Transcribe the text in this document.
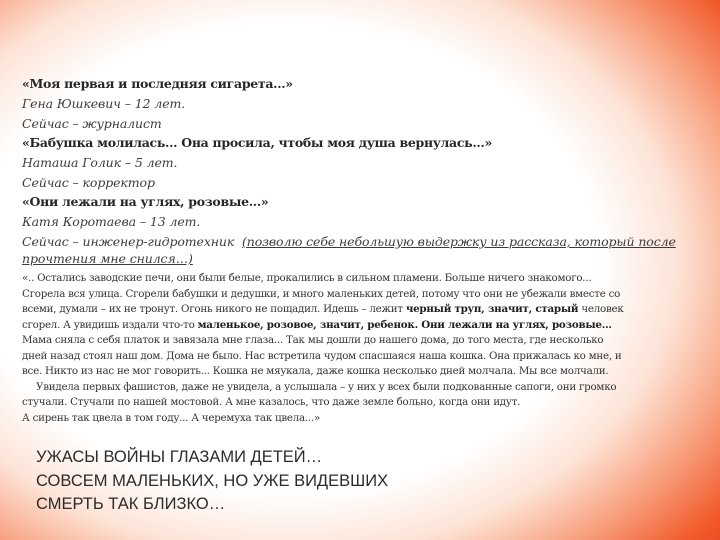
«Моя первая и последняя сигарета...»
Гена Юшкевич – 12 лет.
Сейчас – журналист
«Бабушка молилась... Она просила, чтобы моя душа вернулась...»
Наташа Голик – 5 лет.
Сейчас – корректор
«Они лежали на углях, розовые...»
Катя Коротаева – 13 лет.
Сейчас – инженер-гидротехник (позволю себе небольшую выдержку из рассказа, который после
прочтения мне снился…)
«.. Остались заводские печи, они были белые, прокалились в сильном пламени. Больше ничего знакомого...
Сгорела вся улица. Сгорели бабушки и дедушки, и много маленьких детей, потому что они не убежали вместе со
всеми, думали – их не тронут. Огонь никого не пощадил. Идешь – лежит черный труп, значит, старый человек
сгорел. А увидишь издали что-то маленькое, розовое, значит, ребенок. Они лежали на углях, розовые...
Мама сняла с себя платок и завязала мне глаза... Так мы дошли до нашего дома, до того места, где несколько
дней назад стоял наш дом. Дома не было. Нас встретила чудом спасшаяся наша кошка. Она прижалась ко мне, и
все. Никто из нас не мог говорить... Кошка не мяукала, даже кошка несколько дней молчала. Мы все молчали.
Увидела первых фашистов, даже не увидела, а услышала – у них у всех были подкованные сапоги, они громко
стучали. Стучали по нашей мостовой. А мне казалось, что даже земле больно, когда они идут.
А сирень так цвела в том году... А черемуха так цвела...»
УЖАСЫ ВОЙНЫ ГЛАЗАМИ ДЕТЕЙ…
СОВСЕМ МАЛЕНЬКИХ, НО УЖЕ ВИДЕВШИХ
СМЕРТЬ ТАК БЛИЗКО…
